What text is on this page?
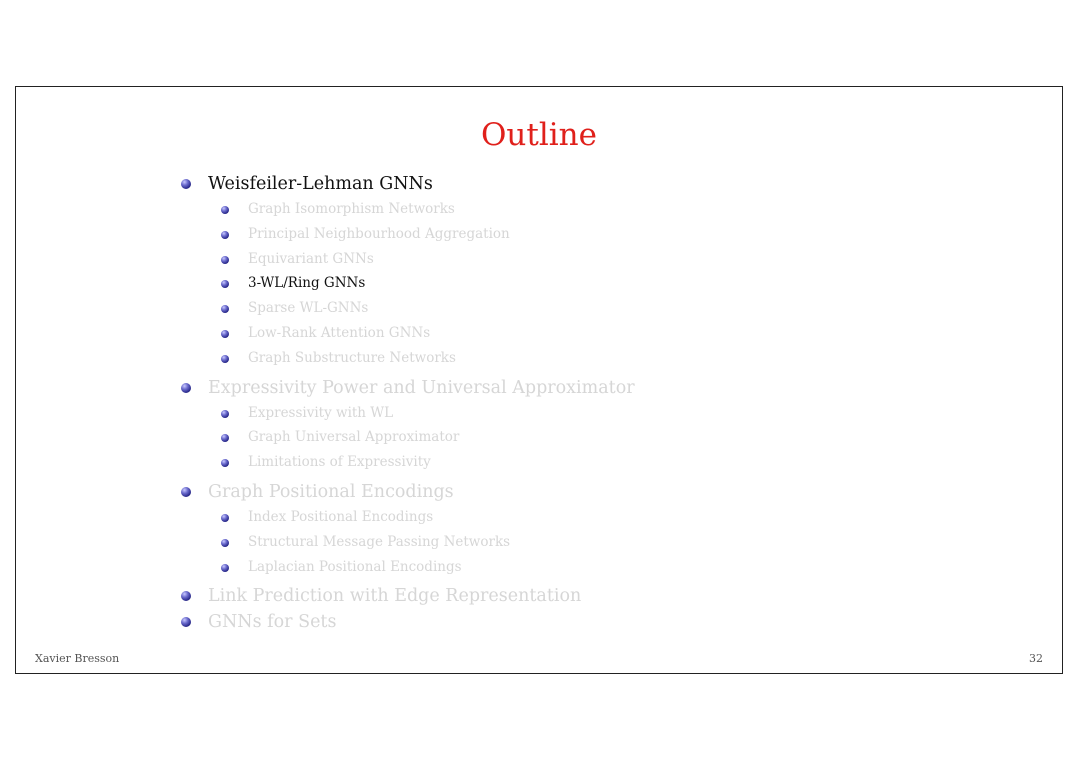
Outline
Weisfeiler-Lehman GNNs
Graph Isomorphism Networks
Principal Neighbourhood Aggregation
Equivariant GNNs
3-WL/Ring GNNs
Sparse WL-GNNs
Low-Rank Attention GNNs
Graph Substructure Networks
Expressivity Power and Universal Approximator
Expressivity with WL
Graph Universal Approximator
Limitations of Expressivity
Graph Positional Encodings
Index Positional Encodings
Structural Message Passing Networks
Laplacian Positional Encodings
Link Prediction with Edge Representation
GNNs for Sets
Xavier Bresson	32
